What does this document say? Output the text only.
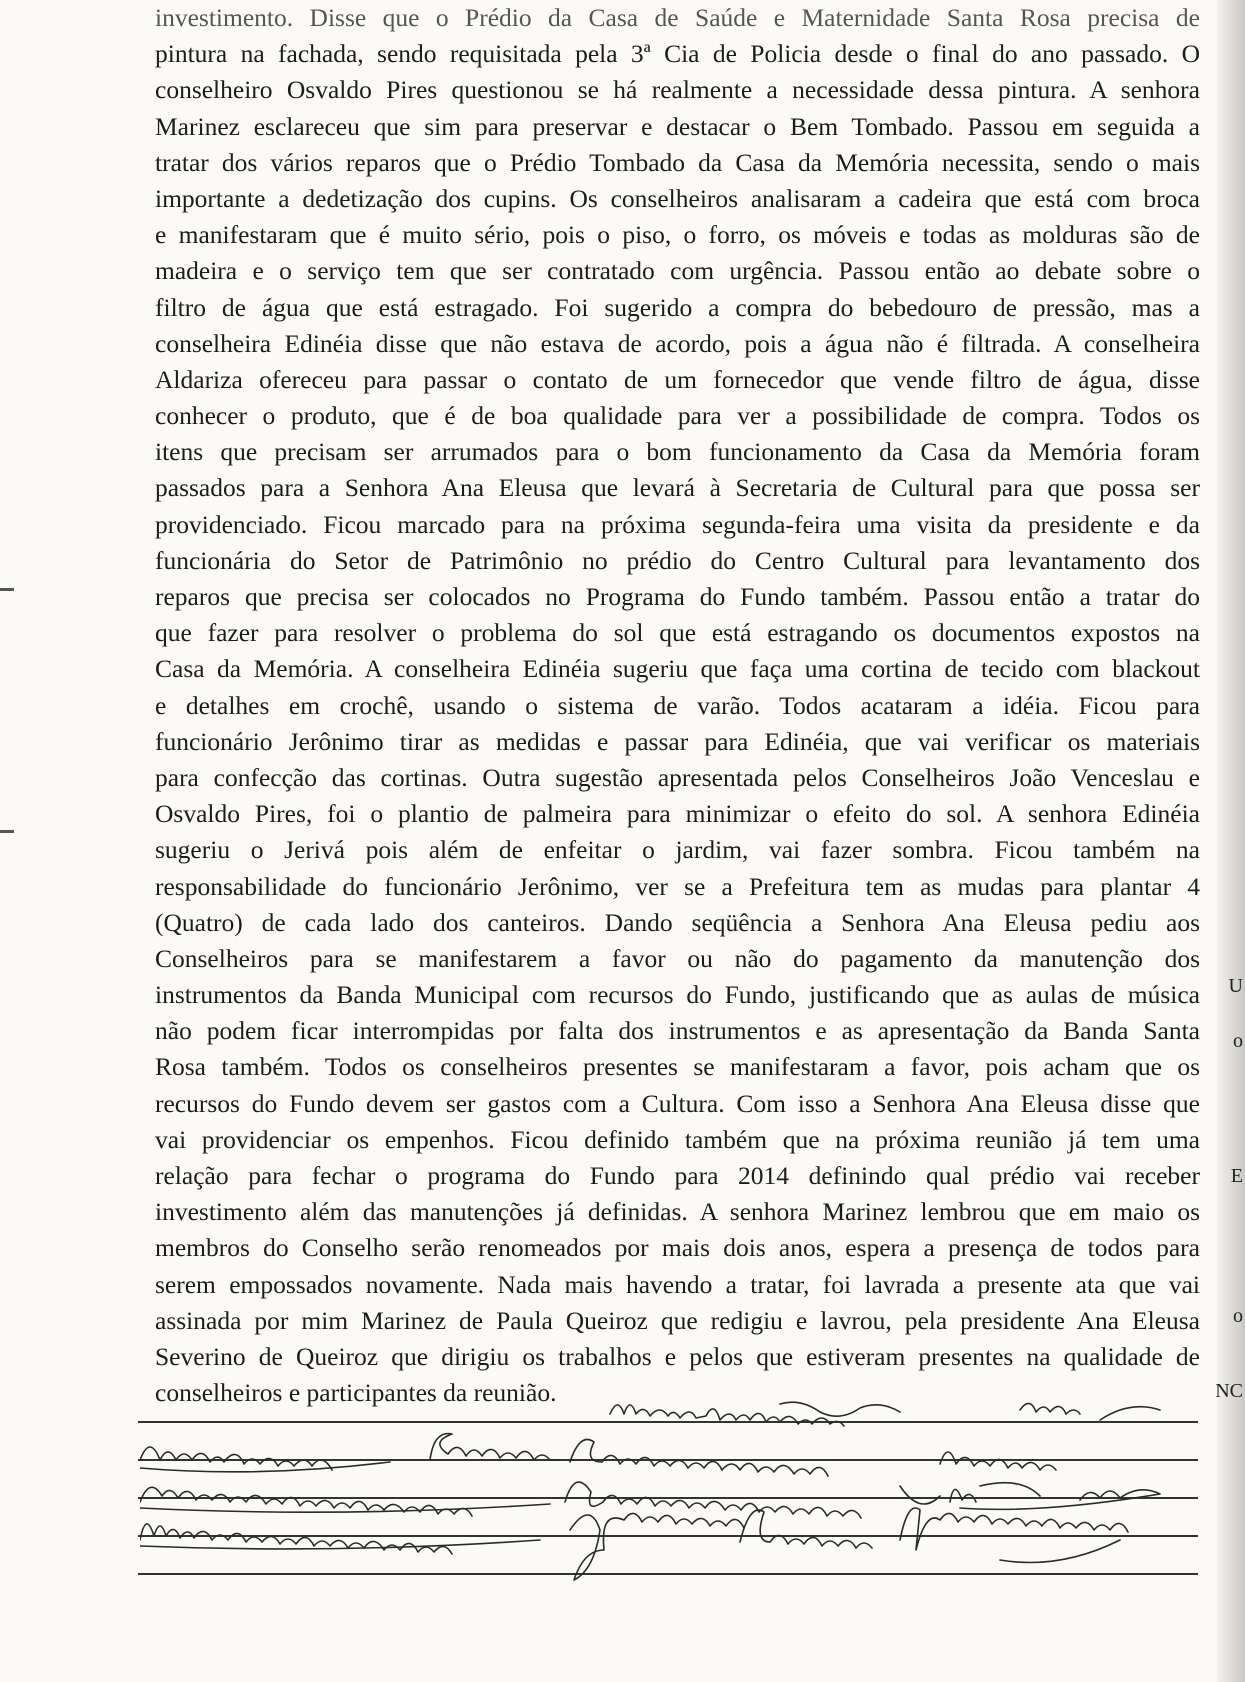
U
o
E
o
NC
investimento. Disse que o Prédio da Casa de Saúde e Maternidade Santa Rosa precisa de
pintura na fachada, sendo requisitada pela 3ª Cia de Policia desde o final do ano passado. O
conselheiro Osvaldo Pires questionou se há realmente a necessidade dessa pintura. A senhora
Marinez esclareceu que sim para preservar e destacar o Bem Tombado. Passou em seguida a
tratar dos vários reparos que o Prédio Tombado da Casa da Memória necessita, sendo o mais
importante a dedetização dos cupins. Os conselheiros analisaram a cadeira que está com broca
e manifestaram que é muito sério, pois o piso, o forro, os móveis e todas as molduras são de
madeira e o serviço tem que ser contratado com urgência. Passou então ao debate sobre o
filtro de água que está estragado. Foi sugerido a compra do bebedouro de pressão, mas a
conselheira Edinéia disse que não estava de acordo, pois a água não é filtrada. A conselheira
Aldariza ofereceu para passar o contato de um fornecedor que vende filtro de água, disse
conhecer o produto, que é de boa qualidade para ver a possibilidade de compra. Todos os
itens que precisam ser arrumados para o bom funcionamento da Casa da Memória foram
passados para a Senhora Ana Eleusa que levará à Secretaria de Cultural para que possa ser
providenciado. Ficou marcado para na próxima segunda-feira uma visita da presidente e da
funcionária do Setor de Patrimônio no prédio do Centro Cultural para levantamento dos
reparos que precisa ser colocados no Programa do Fundo também. Passou então a tratar do
que fazer para resolver o problema do sol que está estragando os documentos expostos na
Casa da Memória. A conselheira Edinéia sugeriu que faça uma cortina de tecido com blackout
e detalhes em crochê, usando o sistema de varão. Todos acataram a idéia. Ficou para
funcionário Jerônimo tirar as medidas e passar para Edinéia, que vai verificar os materiais
para confecção das cortinas. Outra sugestão apresentada pelos Conselheiros João Venceslau e
Osvaldo Pires, foi o plantio de palmeira para minimizar o efeito do sol. A senhora Edinéia
sugeriu o Jerivá pois além de enfeitar o jardim, vai fazer sombra. Ficou também na
responsabilidade do funcionário Jerônimo, ver se a Prefeitura tem as mudas para plantar 4
(Quatro) de cada lado dos canteiros. Dando seqüência a Senhora Ana Eleusa pediu aos
Conselheiros para se manifestarem a favor ou não do pagamento da manutenção dos
instrumentos da Banda Municipal com recursos do Fundo, justificando que as aulas de música
não podem ficar interrompidas por falta dos instrumentos e as apresentação da Banda Santa
Rosa também. Todos os conselheiros presentes se manifestaram a favor, pois acham que os
recursos do Fundo devem ser gastos com a Cultura. Com isso a Senhora Ana Eleusa disse que
vai providenciar os empenhos. Ficou definido também que na próxima reunião já tem uma
relação para fechar o programa do Fundo para 2014 definindo qual prédio vai receber
investimento além das manutenções já definidas. A senhora Marinez lembrou que em maio os
membros do Conselho serão renomeados por mais dois anos, espera a presença de todos para
serem empossados novamente. Nada mais havendo a tratar, foi lavrada a presente ata que vai
assinada por mim Marinez de Paula Queiroz que redigiu e lavrou, pela presidente Ana Eleusa
Severino de Queiroz que dirigiu os trabalhos e pelos que estiveram presentes na qualidade de
conselheiros e participantes da reunião.
